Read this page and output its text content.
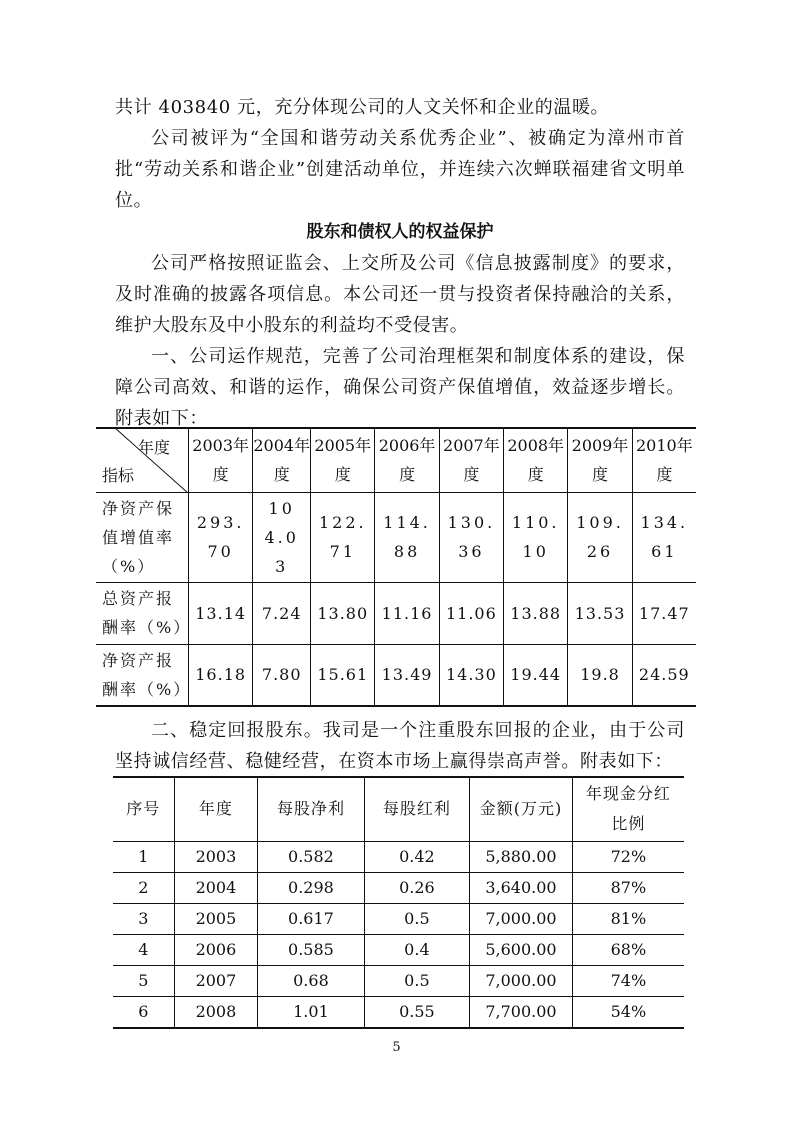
共计 403840 元，充分体现公司的人文关怀和企业的温暖。

公司被评为“全国和谐劳动关系优秀企业”、被确定为漳州市首批“劳动关系和谐企业”创建活动单位，并连续六次蝉联福建省文明单位。

股东和债权人的权益保护

公司严格按照证监会、上交所及公司《信息披露制度》的要求，及时准确的披露各项信息。本公司还一贯与投资者保持融洽的关系，维护大股东及中小股东的利益均不受侵害。

一、公司运作规范，完善了公司治理框架和制度体系的建设，保障公司高效、和谐的运作，确保公司资产保值增值，效益逐步增长。附表如下：

年度
指标	2003年度	2004年度	2005年度	2006年度	2007年度	2008年度	2009年度	2010年度
净资产保值增值率（%）	293.70	104.03	122.71	114.88	130.36	110.10	109.26	134.61
总资产报酬率（%）	13.14	7.24	13.80	11.16	11.06	13.88	13.53	17.47
净资产报酬率（%）	16.18	7.80	15.61	13.49	14.30	19.44	19.8	24.59

二、稳定回报股东。我司是一个注重股东回报的企业，由于公司坚持诚信经营、稳健经营，在资本市场上赢得崇高声誉。附表如下：

序号	年度	每股净利	每股红利	金额(万元)	年现金分红比例
1	2003	0.582	0.42	5,880.00	72%
2	2004	0.298	0.26	3,640.00	87%
3	2005	0.617	0.5	7,000.00	81%
4	2006	0.585	0.4	5,600.00	68%
5	2007	0.68	0.5	7,000.00	74%
6	2008	1.01	0.55	7,700.00	54%
5
